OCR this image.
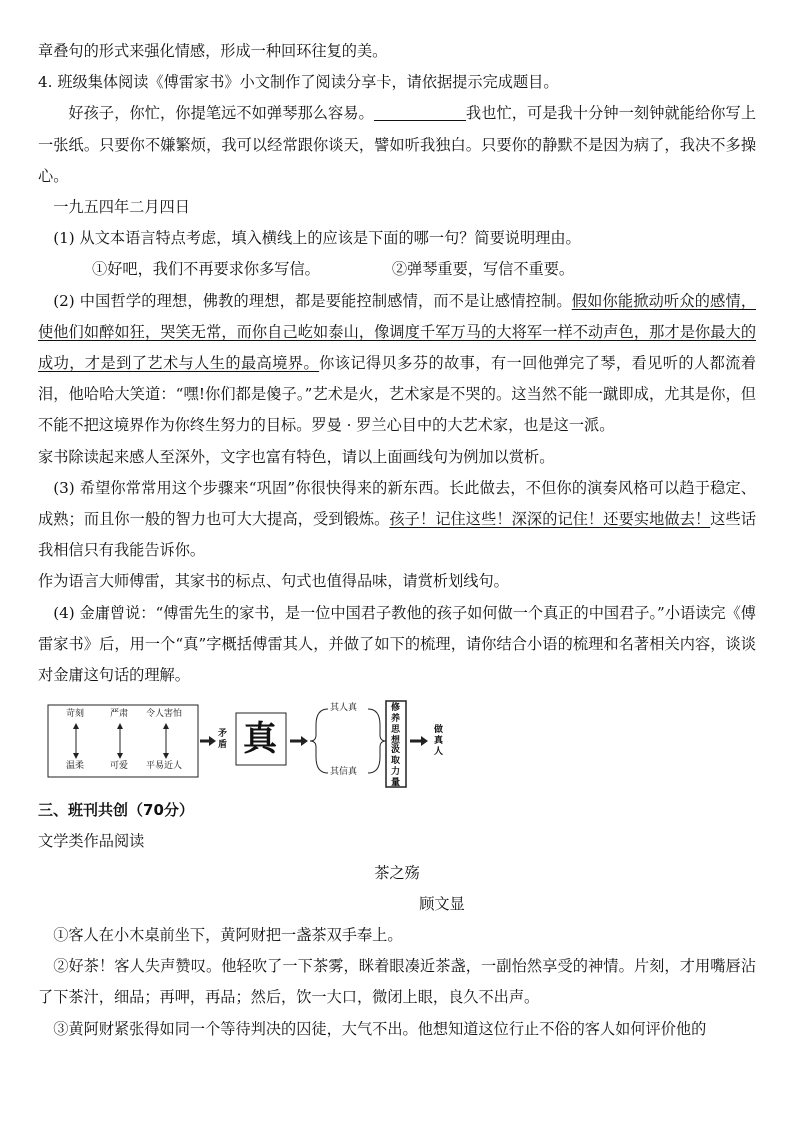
章叠句的形式来强化情感，形成一种回环往复的美。

4. 班级集体阅读《傅雷家书》小文制作了阅读分享卡，请依据提示完成题目。

好孩子，你忙，你提笔远不如弹琴那么容易。	我也忙，可是我十分钟一刻钟就能给你写上一张纸。只要你不嫌繁烦，我可以经常跟你谈天，譬如听我独白。只要你的静默不是因为病了，我决不多操心。

一九五四年二月四日

(1) 从文本语言特点考虑，填入横线上的应该是下面的哪一句？简要说明理由。

①好吧，我们不再要求你多写信。	②弹琴重要，写信不重要。

(2) 中国哲学的理想，佛教的理想，都是要能控制感情，而不是让感情控制。假如你能掀动听众的感情，使他们如醉如狂，哭笑无常，而你自己屹如泰山，像调度千军万马的大将军一样不动声色，那才是你最大的成功，才是到了艺术与人生的最高境界。你该记得贝多芬的故事，有一回他弹完了琴，看见听的人都流着泪，他哈哈大笑道：“嘿!你们都是傻子。”艺术是火，艺术家是不哭的。这当然不能一蹴即成，尤其是你，但不能不把这境界作为你终生努力的目标。罗曼 · 罗兰心目中的大艺术家，也是这一派。

家书除读起来感人至深外，文字也富有特色，请以上面画线句为例加以赏析。

(3) 希望你常常用这个步骤来“巩固”你很快得来的新东西。长此做去，不但你的演奏风格可以趋于稳定、成熟；而且你一般的智力也可大大提高，受到锻炼。孩子！记住这些！深深的记住！还要实地做去！这些话我相信只有我能告诉你。

作为语言大师傅雷，其家书的标点、句式也值得品味，请赏析划线句。

(4) 金庸曾说：“傅雷先生的家书，是一位中国君子教他的孩子如何做一个真正的中国君子。”小语读完《傅雷家书》后，用一个“真”字概括傅雷其人，并做了如下的梳理，请你结合小语的梳理和名著相关内容，谈谈对金庸这句话的理解。

苛刻	严肃 令人害怕
温柔	可爱 平易近人
矛盾 真
其人真
其信真
修养思想
汲取力量
做真人

三、班刊共创（70分）

文学类作品阅读

茶之殇

顾文显

①客人在小木桌前坐下，黄阿财把一盏茶双手奉上。

②好茶！客人失声赞叹。他轻吹了一下茶雾，眯着眼凑近茶盏，一副怡然享受的神情。片刻，才用嘴唇沾了下茶汁，细品；再呷，再品；然后，饮一大口，微闭上眼，良久不出声。

③黄阿财紧张得如同一个等待判决的囚徒，大气不出。他想知道这位行止不俗的客人如何评价他的
